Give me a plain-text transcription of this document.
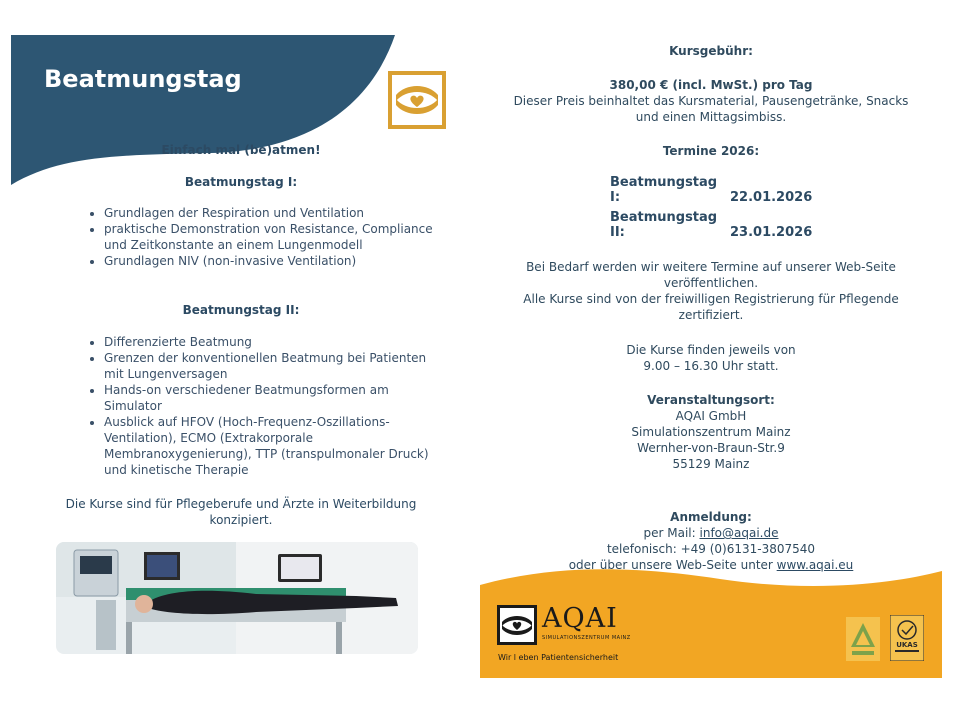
Beatmungstag
Einfach mal (be)atmen!
Beatmungstag I:
• Grundlagen der Respiration und Ventilation
• praktische Demonstration von Resistance, Compliance und Zeitkonstante an einem Lungenmodell
• Grundlagen NIV (non-invasive Ventilation)
Beatmungstag II:
• Differenzierte Beatmung
• Grenzen der konventionellen Beatmung bei Patienten mit Lungenversagen
• Hands-on verschiedener Beatmungsformen am Simulator
• Ausblick auf HFOV (Hoch-Frequenz-Oszillations-Ventilation), ECMO (Extrakorporale Membranoxygenierung), TTP (transpulmonaler Druck) und kinetische Therapie
Die Kurse sind für Pflegeberufe und Ärzte in Weiterbildung
konzipiert.
Kursgebühr:
380,00 € (incl. MwSt.) pro Tag
Dieser Preis beinhaltet das Kursmaterial, Pausengetränke, Snacks
und einen Mittagsimbiss.
Termine 2026:
Beatmungstag I:	22.01.2026
Beatmungstag II:	23.01.2026
Bei Bedarf werden wir weitere Termine auf unserer Web-Seite
veröffentlichen.
Alle Kurse sind von der freiwilligen Registrierung für Pflegende
zertifiziert.
Die Kurse finden jeweils von
9.00 – 16.30 Uhr statt.
Veranstaltungsort:
AQAI GmbH
Simulationszentrum Mainz
Wernher-von-Braun-Str.9
55129 Mainz
Anmeldung:
per Mail: info@aqai.de
telefonisch: +49 (0)6131-3807540
oder über unsere Web-Seite unter www.aqai.eu
AQAI
SIMULATIONSZENTRUM MAINZ
Wir l eben Patientensicherheit
UKAS
